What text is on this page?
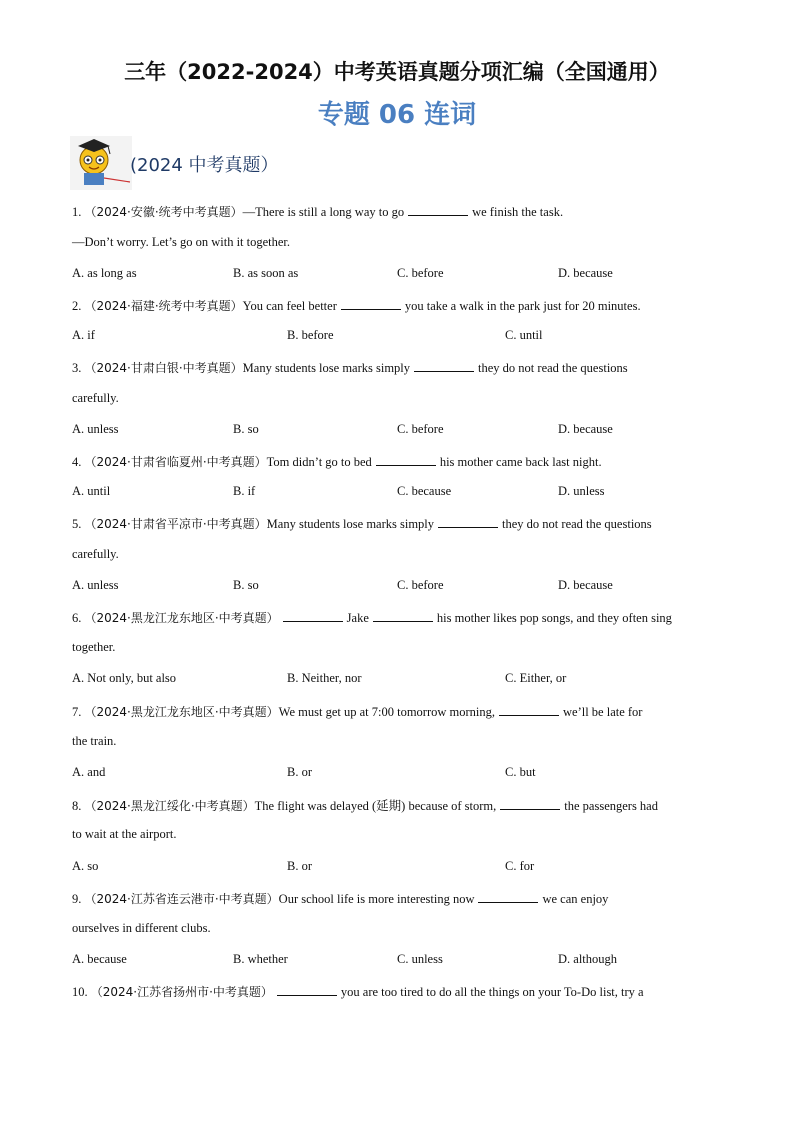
三年（2022-2024）中考英语真题分项汇编（全国通用）
专题 06 连词
(2024 中考真题）
1. （2024·安徽·统考中考真题）—There is still a long way to go	we finish the task.
—Don’t worry. Let’s go on with it together.
A. as long as	B. as soon as	C. before	D. because
2. （2024·福建·统考中考真题）You can feel better	you take a walk in the park just for 20 minutes.
A. if	B. before	C. until
3. （2024·甘肃白银·中考真题）Many students lose marks simply	they do not read the questions
carefully.
A. unless	B. so	C. before	D. because
4. （2024·甘肃省临夏州·中考真题）Tom didn’t go to bed	his mother came back last night.
A. until	B. if	C. because	D. unless
5. （2024·甘肃省平凉市·中考真题）Many students lose marks simply	they do not read the questions
carefully.
A. unless	B. so	C. before	D. because
6. （2024·黑龙江龙东地区·中考真题）	Jake	his mother likes pop songs, and they often sing
together.
A. Not only, but also	B. Neither, nor	C. Either, or
7. （2024·黑龙江龙东地区·中考真题）We must get up at 7:00 tomorrow morning,	we’ll be late for
the train.
A. and	B. or	C. but
8. （2024·黑龙江绥化·中考真题）The flight was delayed (延期) because of storm,	the passengers had
to wait at the airport.
A. so	B. or	C. for
9. （2024·江苏省连云港市·中考真题）Our school life is more interesting now	we can enjoy
ourselves in different clubs.
A. because	B. whether	C. unless	D. although
10. （2024·江苏省扬州市·中考真题）	you are too tired to do all the things on your To-Do list, try a
